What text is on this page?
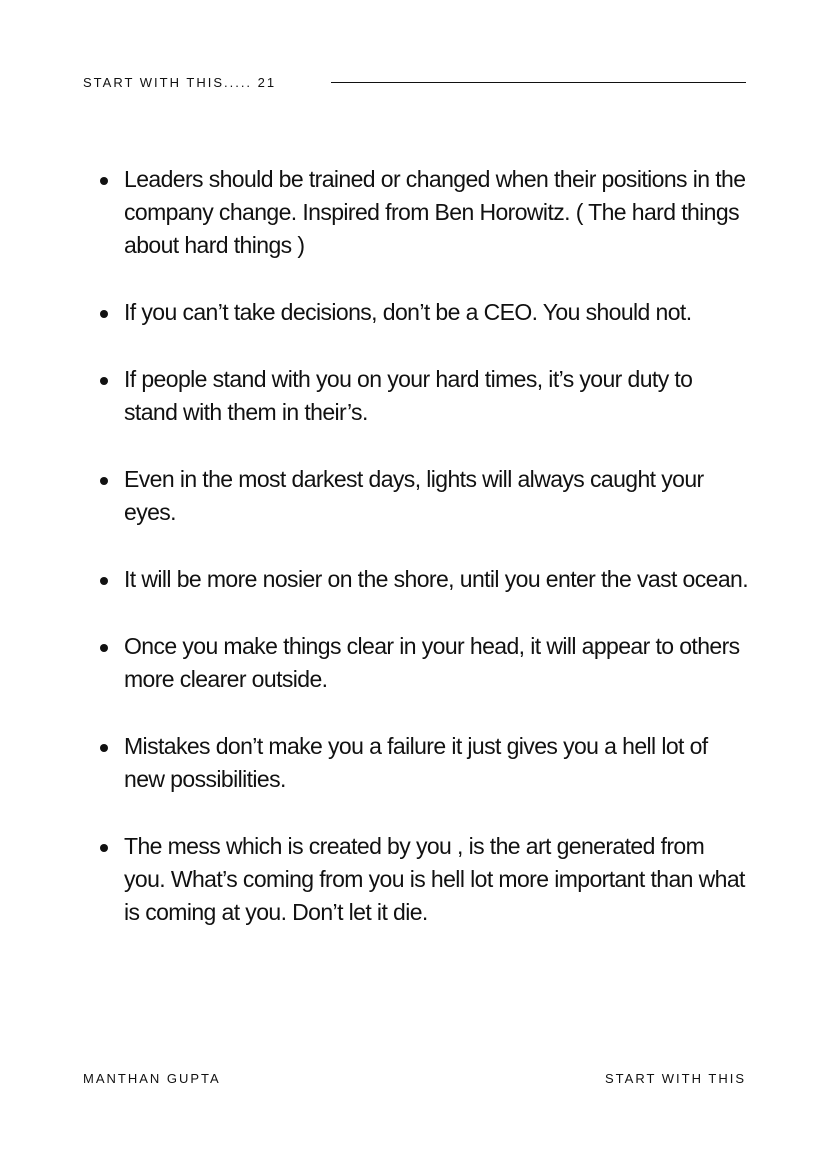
START WITH THIS..... 21
Leaders should be trained or changed when their positions in the company change. Inspired from Ben Horowitz. ( The hard things about hard things )
If you can’t take decisions, don’t be a CEO. You should not.
If people stand with you on your hard times, it’s your duty to stand with them in their’s.
Even in the most darkest days, lights will always caught your eyes.
It will be more nosier on the shore, until you enter the vast ocean.
Once you make things clear in your head, it will appear to others more clearer outside.
Mistakes don’t make you a failure it just gives you a hell lot of new possibilities.
The mess which is created by you , is the art generated from you. What’s coming from you is hell lot more important than what is coming at you. Don’t let it die.
MANTHAN GUPTA	START WITH THIS
